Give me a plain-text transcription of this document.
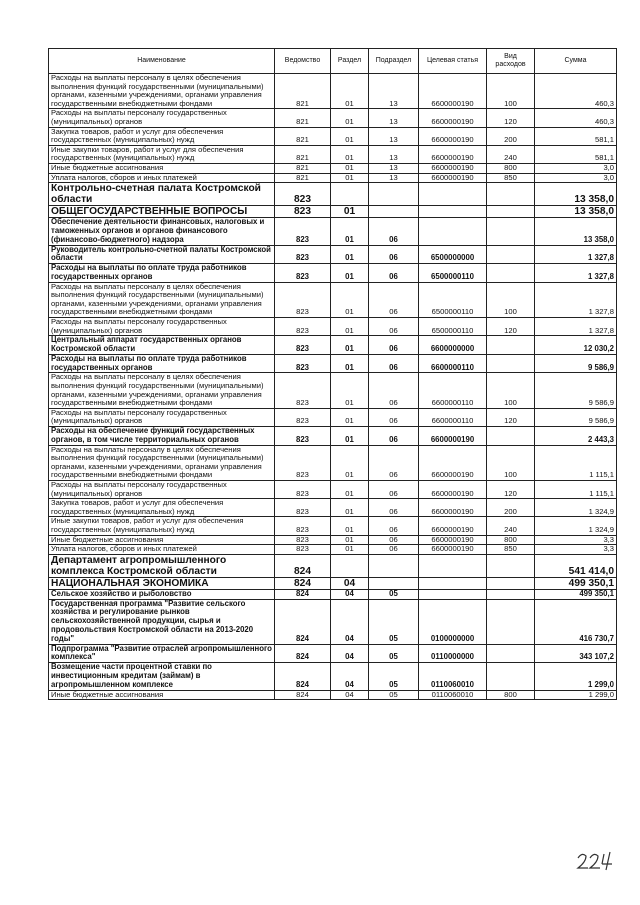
Наименование	Ведомство	Раздел	Подраздел	Целевая статья	Вид расходов	Сумма
Расходы на выплаты персоналу в целях обеспечения выполнения функций государственными (муниципальными) органами, казенными учреждениями, органами управления государственными внебюджетными фондами	821	01	13	6600000190	100	460,3
Расходы на выплаты персоналу государственных (муниципальных) органов	821	01	13	6600000190	120	460,3
Закупка товаров, работ и услуг для обеспечения государственных (муниципальных) нужд	821	01	13	6600000190	200	581,1
Иные закупки товаров, работ и услуг для обеспечения государственных (муниципальных) нужд	821	01	13	6600000190	240	581,1
Иные бюджетные ассигнования	821	01	13	6600000190	800	3,0
Уплата налогов, сборов и иных платежей	821	01	13	6600000190	850	3,0
Контрольно-счетная палата Костромской области	823					13 358,0
ОБЩЕГОСУДАРСТВЕННЫЕ ВОПРОСЫ	823	01				13 358,0
Обеспечение деятельности финансовых, налоговых и таможенных органов и органов финансового (финансово-бюджетного) надзора	823	01	06			13 358,0
Руководитель контрольно-счетной палаты Костромской области	823	01	06	6500000000		1 327,8
Расходы на выплаты по оплате труда работников государственных органов	823	01	06	6500000110		1 327,8
Расходы на выплаты персоналу в целях обеспечения выполнения функций государственными (муниципальными) органами, казенными учреждениями, органами управления государственными внебюджетными фондами	823	01	06	6500000110	100	1 327,8
Расходы на выплаты персоналу государственных (муниципальных) органов	823	01	06	6500000110	120	1 327,8
Центральный аппарат государственных органов Костромской области	823	01	06	6600000000		12 030,2
Расходы на выплаты по оплате труда работников государственных органов	823	01	06	6600000110		9 586,9
Расходы на выплаты персоналу в целях обеспечения выполнения функций государственными (муниципальными) органами, казенными учреждениями, органами управления государственными внебюджетными фондами	823	01	06	6600000110	100	9 586,9
Расходы на выплаты персоналу государственных (муниципальных) органов	823	01	06	6600000110	120	9 586,9
Расходы на обеспечение функций государственных органов, в том числе территориальных органов	823	01	06	6600000190		2 443,3
Расходы на выплаты персоналу в целях обеспечения выполнения функций государственными (муниципальными) органами, казенными учреждениями, органами управления государственными внебюджетными фондами	823	01	06	6600000190	100	1 115,1
Расходы на выплаты персоналу государственных (муниципальных) органов	823	01	06	6600000190	120	1 115,1
Закупка товаров, работ и услуг для обеспечения государственных (муниципальных) нужд	823	01	06	6600000190	200	1 324,9
Иные закупки товаров, работ и услуг для обеспечения государственных (муниципальных) нужд	823	01	06	6600000190	240	1 324,9
Иные бюджетные ассигнования	823	01	06	6600000190	800	3,3
Уплата налогов, сборов и иных платежей	823	01	06	6600000190	850	3,3
Департамент агропромышленного комплекса Костромской области	824					541 414,0
НАЦИОНАЛЬНАЯ ЭКОНОМИКА	824	04				499 350,1
Сельское хозяйство и рыболовство	824	04	05			499 350,1
Государственная программа "Развитие сельского хозяйства и регулирование рынков сельскохозяйственной продукции, сырья и продовольствия Костромской области на 2013-2020 годы"	824	04	05	0100000000		416 730,7
Подпрограмма "Развитие отраслей агропромышленного комплекса"	824	04	05	0110000000		343 107,2
Возмещение части процентной ставки по инвестиционным кредитам (займам) в агропромышленном комплексе	824	04	05	0110060010		1 299,0
Иные бюджетные ассигнования	824	04	05	0110060010	800	1 299,0
